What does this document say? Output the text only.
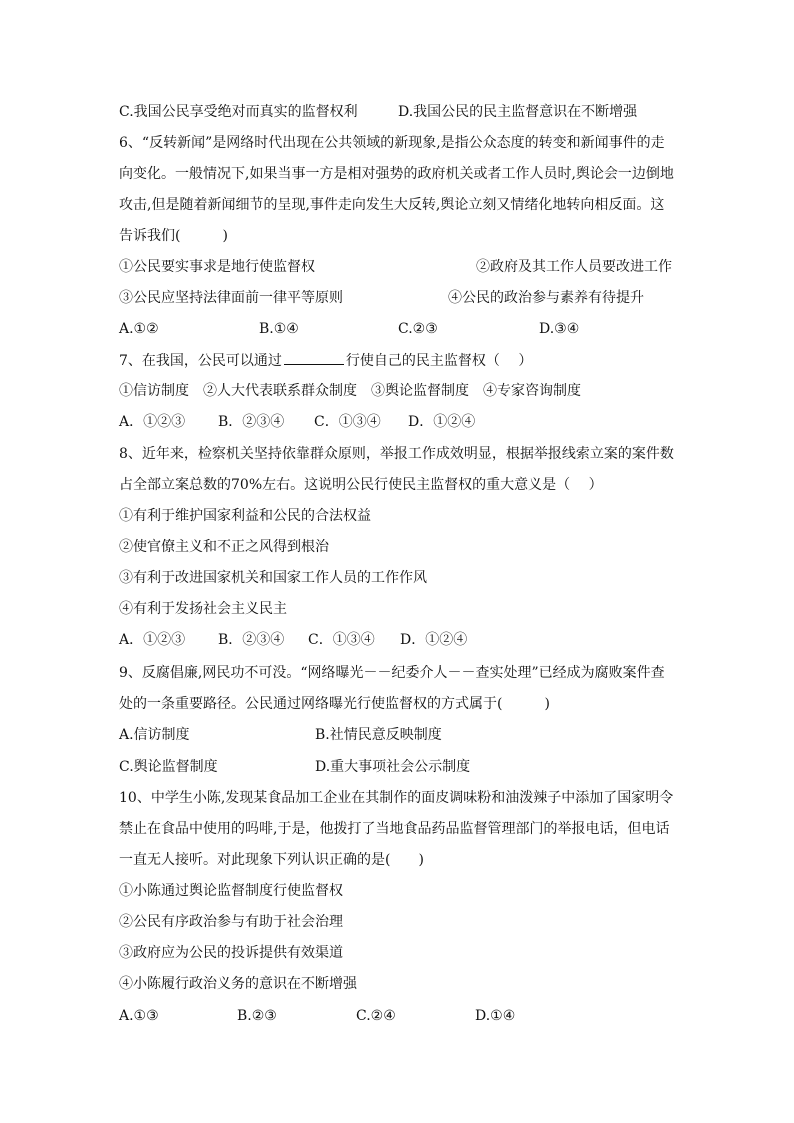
C.我国公民享受绝对而真实的监督权利	D.我国公民的民主监督意识在不断增强
6、“反转新闻”是网络时代出现在公共领域的新现象,是指公众态度的转变和新闻事件的走
向变化。一般情况下,如果当事一方是相对强势的政府机关或者工作人员时,舆论会一边倒地
攻击,但是随着新闻细节的呈现,事件走向发生大反转,舆论立刻又情绪化地转向相反面。这
告诉我们(　　　)
①公民要实事求是地行使监督权	②政府及其工作人员要改进工作
③公民应坚持法律面前一律平等原则	④公民的政治参与素养有待提升
A.①②	B.①④	C.②③	D.③④
7、在我国，公民可以通过	行使自己的民主监督权（　 ）
①信访制度　②人大代表联系群众制度　③舆论监督制度　④专家咨询制度
A．①②③ B．②③④ C．①③④ D．①②④
8、近年来，检察机关坚持依靠群众原则，举报工作成效明显，根据举报线索立案的案件数
占全部立案总数的70%左右。这说明公民行使民主监督权的重大意义是（　 ）
①有利于维护国家利益和公民的合法权益
②使官僚主义和不正之风得到根治
③有利于改进国家机关和国家工作人员的工作作风
④有利于发扬社会主义民主
A．①②③ B．②③④ C．①③④ D．①②④
9、反腐倡廉,网民功不可没。“网络曝光－－纪委介人－－查实处理”已经成为腐败案件查
处的一条重要路径。公民通过网络曝光行使监督权的方式属于(　　　)
A.信访制度	B.社情民意反映制度
C.舆论监督制度	D.重大事项社会公示制度
10、中学生小陈,发现某食品加工企业在其制作的面皮调味粉和油泼辣子中添加了国家明令
禁止在食品中使用的吗啡,于是，他拨打了当地食品药品监督管理部门的举报电话，但电话
一直无人接听。对此现象下列认识正确的是(　　)
①小陈通过舆论监督制度行使监督权
②公民有序政治参与有助于社会治理
③政府应为公民的投诉提供有效渠道
④小陈履行政治义务的意识在不断增强
A.①③	B.②③	C.②④	D.①④
